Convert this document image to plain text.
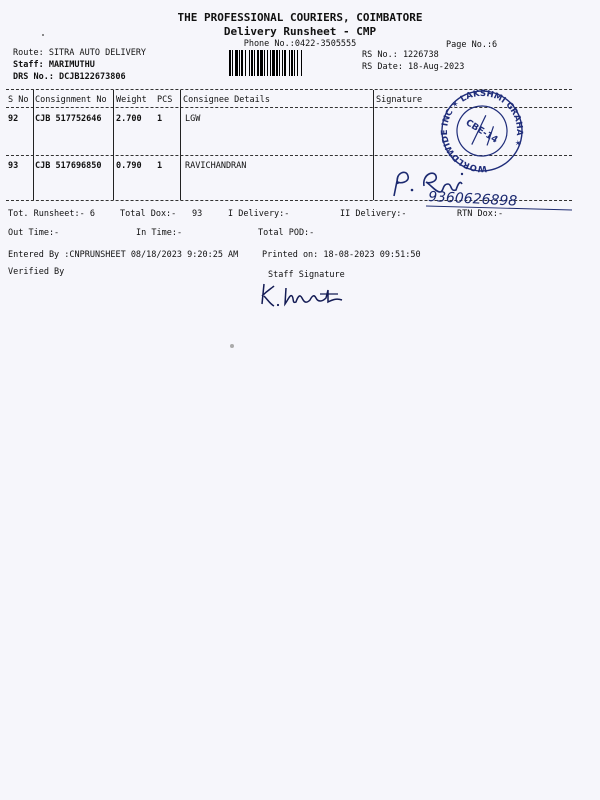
THE PROFESSIONAL COURIERS, COIMBATORE
Delivery Runsheet - CMP
Phone No.:0422-3505555	Page No.:6
Route: SITRA AUTO DELIVERY
Staff: MARIMUTHU
DRS No.: DCJB122673806
RS No.: 1226738
RS Date: 18-Aug-2023
S No Consignment No Weight PCS Consignee Details	Signature
92 CJB 517752646 2.700 1	LGW
93 CJB 517696850 0.790 1	RAVICHANDRAN	WORLDWIDE INC ✶ LAKSHMI GRAHA ✶
CBE-14
9360626898
Tot. Runsheet:- 6	Total Dox:- 93	I Delivery:-	II Delivery:-	RTN Dox:-
Out Time:-	In Time:-	Total POD:-
Entered By :CNPRUNSHEET 08/18/2023 9:20:25 AM	Printed on: 18-08-2023 09:51:50
Verified By	Staff Signature
